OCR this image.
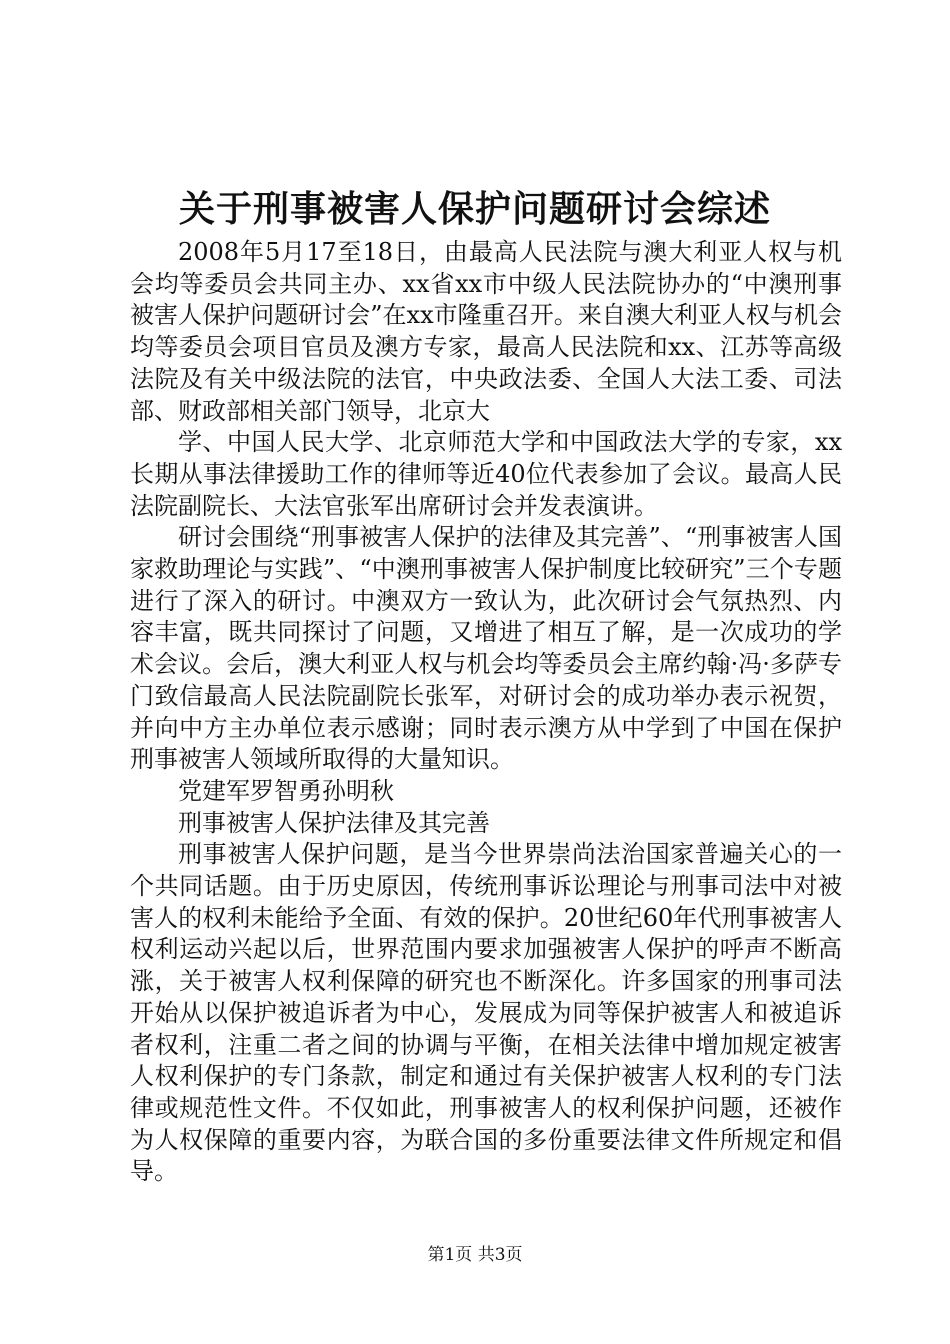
关于刑事被害人保护问题研讨会综述

2008年5月17至18日，由最高人民法院与澳大利亚人权与机会均等委员会共同主办、xx省xx市中级人民法院协办的“中澳刑事被害人保护问题研讨会”在xx市隆重召开。来自澳大利亚人权与机会均等委员会项目官员及澳方专家，最高人民法院和xx、江苏等高级法院及有关中级法院的法官，中央政法委、全国人大法工委、司法部、财政部相关部门领导，北京大

学、中国人民大学、北京师范大学和中国政法大学的专家，xx长期从事法律援助工作的律师等近40位代表参加了会议。最高人民法院副院长、大法官张军出席研讨会并发表演讲。

研讨会围绕“刑事被害人保护的法律及其完善”、“刑事被害人国家救助理论与实践”、“中澳刑事被害人保护制度比较研究”三个专题进行了深入的研讨。中澳双方一致认为，此次研讨会气氛热烈、内容丰富，既共同探讨了问题，又增进了相互了解，是一次成功的学术会议。会后，澳大利亚人权与机会均等委员会主席约翰·冯·多萨专门致信最高人民法院副院长张军，对研讨会的成功举办表示祝贺，并向中方主办单位表示感谢；同时表示澳方从中学到了中国在保护刑事被害人领域所取得的大量知识。

党建军罗智勇孙明秋

刑事被害人保护法律及其完善

刑事被害人保护问题，是当今世界崇尚法治国家普遍关心的一个共同话题。由于历史原因，传统刑事诉讼理论与刑事司法中对被害人的权利未能给予全面、有效的保护。20世纪60年代刑事被害人权利运动兴起以后，世界范围内要求加强被害人保护的呼声不断高涨，关于被害人权利保障的研究也不断深化。许多国家的刑事司法开始从以保护被追诉者为中心，发展成为同等保护被害人和被追诉者权利，注重二者之间的协调与平衡，在相关法律中增加规定被害人权利保护的专门条款，制定和通过有关保护被害人权利的专门法律或规范性文件。不仅如此，刑事被害人的权利保护问题，还被作为人权保障的重要内容，为联合国的多份重要法律文件所规定和倡导。

第1页 共3页
